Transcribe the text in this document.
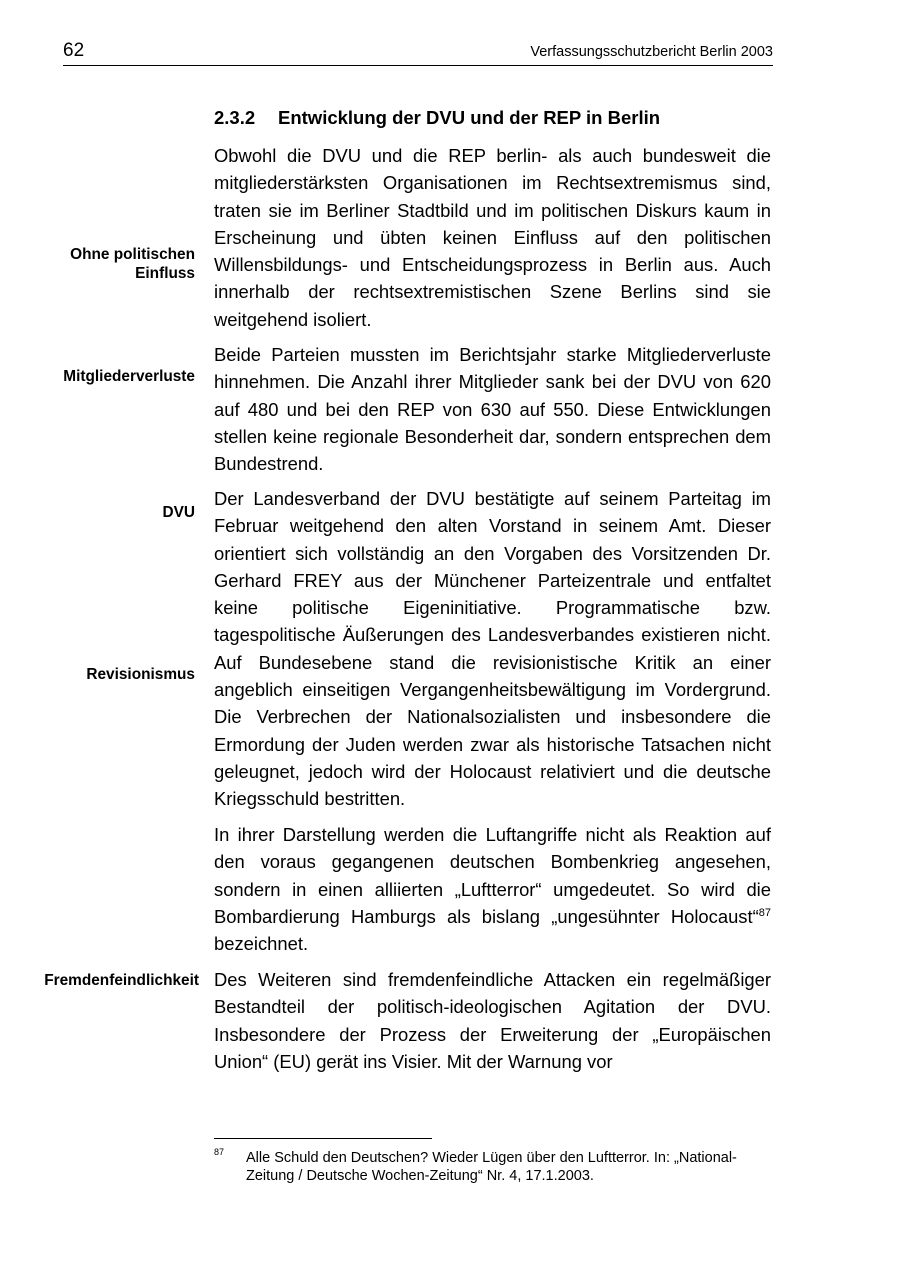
62	Verfassungsschutzbericht Berlin 2003
2.3.2 Entwicklung der DVU und der REP in Berlin

Ohne politischen
Einfluss

Mitgliederverluste

DVU

Revisionismus

Fremdenfeindlichkeit

Obwohl die DVU und die REP berlin- als auch bundesweit die mitgliederstärksten Organisationen im Rechtsextremismus sind, traten sie im Berliner Stadtbild und im politischen Diskurs kaum in Erscheinung und übten keinen Einfluss auf den politischen Willensbildungs- und Entscheidungsprozess in Berlin aus. Auch innerhalb der rechtsextremistischen Szene Berlins sind sie weitgehend isoliert.

Beide Parteien mussten im Berichtsjahr starke Mitgliederverluste hinnehmen. Die Anzahl ihrer Mitglieder sank bei der DVU von 620 auf 480 und bei den REP von 630 auf 550. Diese Entwicklungen stellen keine regionale Besonderheit dar, sondern entsprechen dem Bundestrend.

Der Landesverband der DVU bestätigte auf seinem Parteitag im Februar weitgehend den alten Vorstand in seinem Amt. Dieser orientiert sich vollständig an den Vorgaben des Vorsitzenden Dr. Gerhard FREY aus der Münchener Parteizentrale und entfaltet keine politische Eigeninitiative. Programmatische bzw. tagespolitische Äußerungen des Landesverbandes existieren nicht. Auf Bundesebene stand die revisionistische Kritik an einer angeblich einseitigen Vergangenheitsbewältigung im Vordergrund. Die Verbrechen der Nationalsozialisten und insbesondere die Ermordung der Juden werden zwar als historische Tatsachen nicht geleugnet, jedoch wird der Holocaust relativiert und die deutsche Kriegsschuld bestritten.

In ihrer Darstellung werden die Luftangriffe nicht als Reaktion auf den voraus gegangenen deutschen Bombenkrieg angesehen, sondern in einen alliierten „Luftterror“ umgedeutet. So wird die Bombardierung Hamburgs als bislang „ungesühnter Holocaust“$^{87}$ bezeichnet.

Des Weiteren sind fremdenfeindliche Attacken ein regelmäßiger Bestandteil der politisch-ideologischen Agitation der DVU. Insbesondere der Prozess der Erweiterung der „Europäischen Union“ (EU) gerät ins Visier. Mit der Warnung vor

87 Alle Schuld den Deutschen? Wieder Lügen über den Luftterror. In: „National-Zeitung / Deutsche Wochen-Zeitung“ Nr. 4, 17.1.2003.
